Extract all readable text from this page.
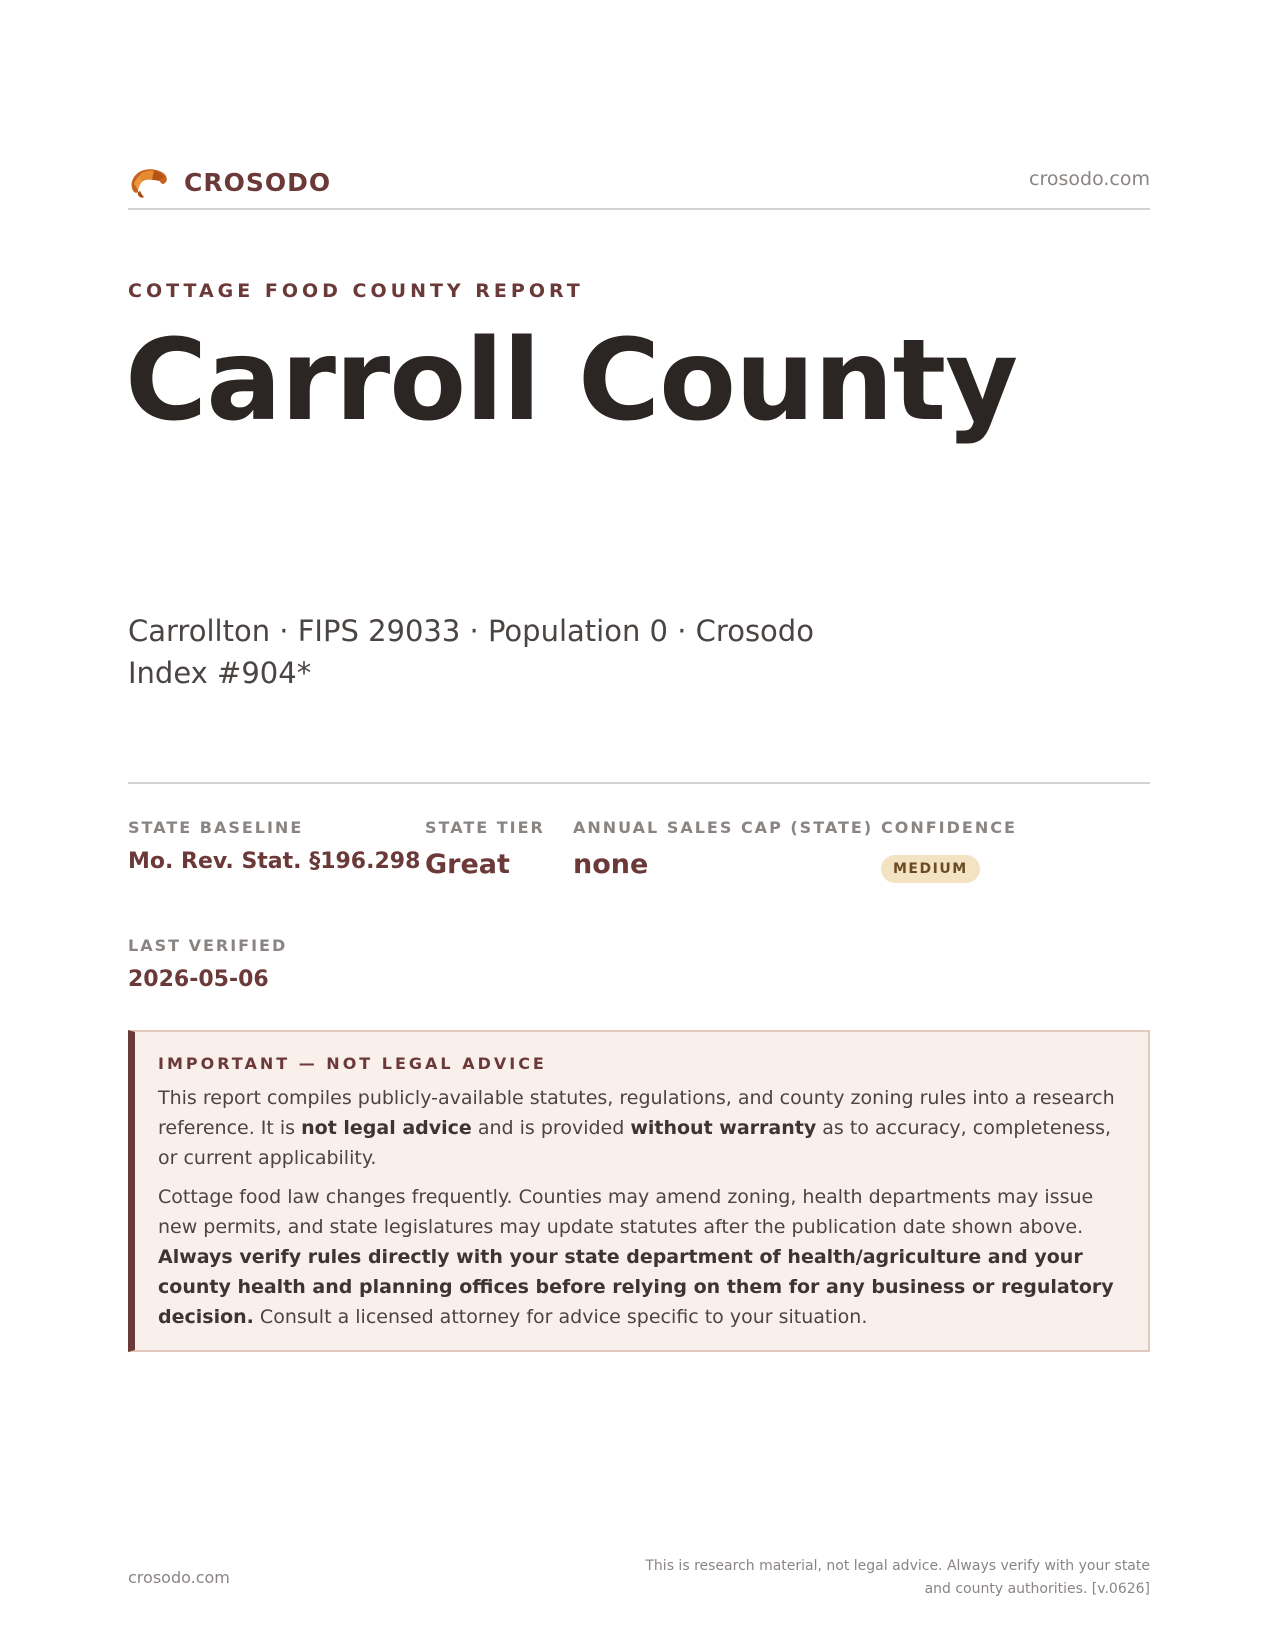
CROSODO	crosodo.com
COTTAGE FOOD COUNTY REPORT
Carroll County
Carrollton · FIPS 29033 · Population 0 · Crosodo Index #904*
STATE BASELINE
Mo. Rev. Stat. §196.298
STATE TIER
Great
ANNUAL SALES CAP (STATE)
none
CONFIDENCE
MEDIUM
LAST VERIFIED
2026-05-06
IMPORTANT — NOT LEGAL ADVICE

This report compiles publicly-available statutes, regulations, and county zoning rules into a research reference. It is not legal advice and is provided without warranty as to accuracy, completeness, or current applicability.

Cottage food law changes frequently. Counties may amend zoning, health departments may issue new permits, and state legislatures may update statutes after the publication date shown above. Always verify rules directly with your state department of health/agriculture and your county health and planning offices before relying on them for any business or regulatory decision. Consult a licensed attorney for advice specific to your situation.

crosodo.com
This is research material, not legal advice. Always verify with your state
and county authorities. [v.0626]
